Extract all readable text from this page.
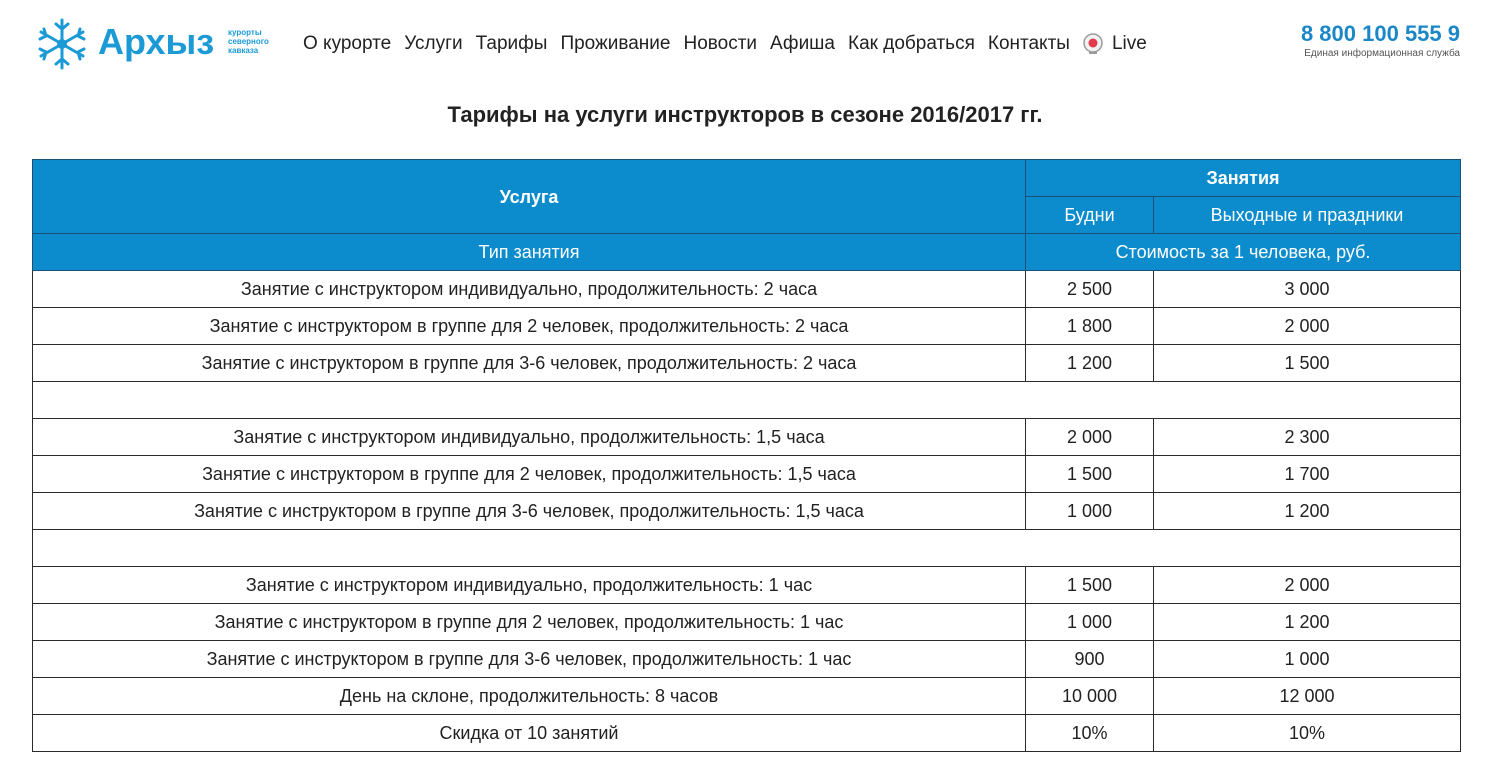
Архыз курорты
северного
кавказа	О курорте Услуги Тарифы Проживание Новости Афиша Как добраться Контакты Live	8 800 100 555 9
Единая информационная служба
Тарифы на услуги инструкторов в сезоне 2016/2017 гг.
Услуга	Занятия	
	Будни	Выходные и праздники
Тип занятия	Стоимость за 1 человека, руб.	
Занятие с инструктором индивидуально, продолжительность: 2 часа	2 500	3 000
Занятие с инструктором в группе для 2 человек, продолжительность: 2 часа	1 800	2 000
Занятие с инструктором в группе для 3-6 человек, продолжительность: 2 часа	1 200	1 500

Занятие с инструктором индивидуально, продолжительность: 1,5 часа	2 000	2 300
Занятие с инструктором в группе для 2 человек, продолжительность: 1,5 часа	1 500	1 700
Занятие с инструктором в группе для 3-6 человек, продолжительность: 1,5 часа	1 000	1 200

Занятие с инструктором индивидуально, продолжительность: 1 час	1 500	2 000
Занятие с инструктором в группе для 2 человек, продолжительность: 1 час	1 000	1 200
Занятие с инструктором в группе для 3-6 человек, продолжительность: 1 час	900	1 000
День на склоне, продолжительность: 8 часов	10 000	12 000
Скидка от 10 занятий	10%	10%
